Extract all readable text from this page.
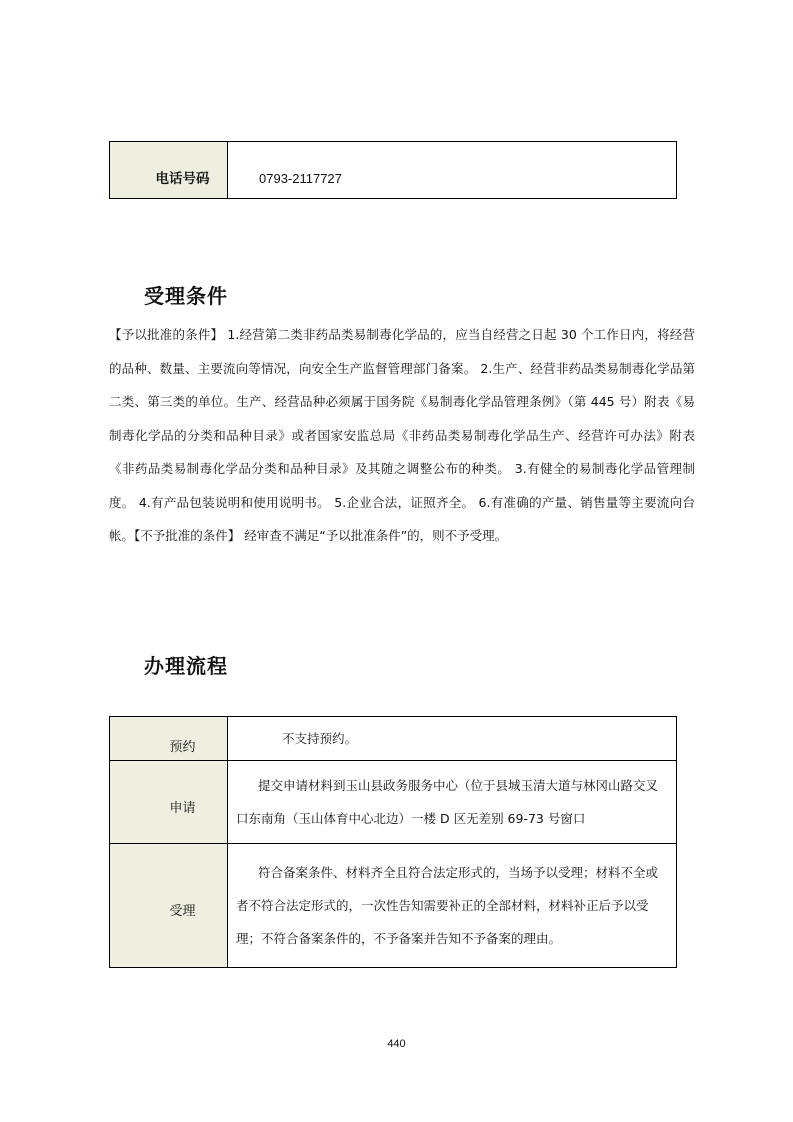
电话号码	0793-2117727
受理条件

【予以批准的条件】 1.经营第二类非药品类易制毒化学品的，应当自经营之日起 30 个工作日内，将经营的品种、数量、主要流向等情况，向安全生产监督管理部门备案。 2.生产、经营非药品类易制毒化学品第二类、第三类的单位。生产、经营品种必须属于国务院《易制毒化学品管理条例》（第 445 号）附表《易制毒化学品的分类和品种目录》或者国家安监总局《非药品类易制毒化学品生产、经营许可办法》附表《非药品类易制毒化学品分类和品种目录》及其随之调整公布的种类。 3.有健全的易制毒化学品管理制度。 4.有产品包装说明和使用说明书。 5.企业合法，证照齐全。 6.有准确的产量、销售量等主要流向台帐。【不予批准的条件】 经审查不满足“予以批准条件”的，则不予受理。

办理流程
预约	不支持预约。

申请	提交申请材料到玉山县政务服务中心（位于县城玉清大道与林冈山路交叉口东南角（玉山体育中心北边）一楼 D 区无差别 69-73 号窗口

受理	符合备案条件、材料齐全且符合法定形式的，当场予以受理；材料不全或者不符合法定形式的，一次性告知需要补正的全部材料，材料补正后予以受理；不符合备案条件的，不予备案并告知不予备案的理由。
440
